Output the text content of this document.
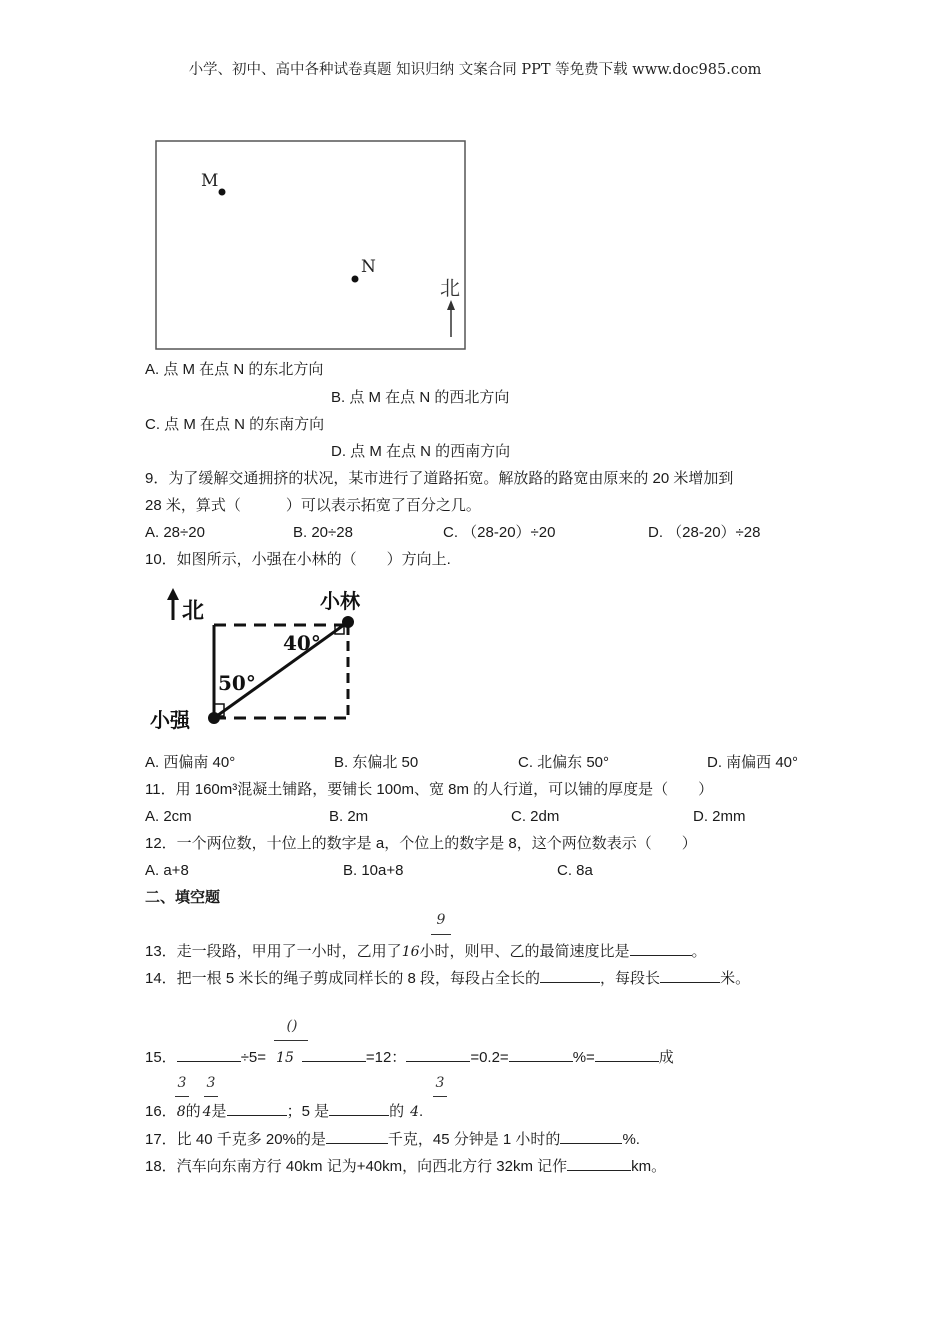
小学、初中、高中各种试卷真题 知识归纳 文案合同 PPT 等免费下载 www.doc985.com
M
N
北
A. 点 M 在点 N 的东北方向
B. 点 M 在点 N 的西北方向
C. 点 M 在点 N 的东南方向
D. 点 M 在点 N 的西南方向
9．为了缓解交通拥挤的状况，某市进行了道路拓宽。解放路的路宽由原来的 20 米增加到
28 米，算式（　　　）可以表示拓宽了百分之几。
A. 28÷20	B. 20÷28	C. （28-20）÷20	D. （28-20）÷28
10．如图所示，小强在小林的（　　）方向上.
北	小林
40°
50°
小强
A. 西偏南 40°	B. 东偏北 50	C. 北偏东 50°	D. 南偏西 40°
11．用 160m³混凝土铺路，要铺长 100m、宽 8m 的人行道，可以铺的厚度是（　　）
A. 2cm	B. 2m	C. 2dm	D. 2mm
12．一个两位数，十位上的数字是 a，个位上的数字是 8，这个两位数表示（　　）
A. a+8	B. 10a+8	C. 8a
二、填空题
9
13．走一段路，甲用了一小时，乙用了16小时，则甲、乙的最简速度比是	。
14．把一根 5 米长的绳子剪成同样长的 8 段，每段占全长的	，每段长	米。
()
15．	÷5= 15	=12：	=0.2=	%=	成
3 3	3
16．8的 4是	；5 是	的 4.
17．比 40 千克多 20%的是	千克，45 分钟是 1 小时的	%.
18．汽车向东南方行 40km 记为+40km，向西北方行 32km 记作	km。
